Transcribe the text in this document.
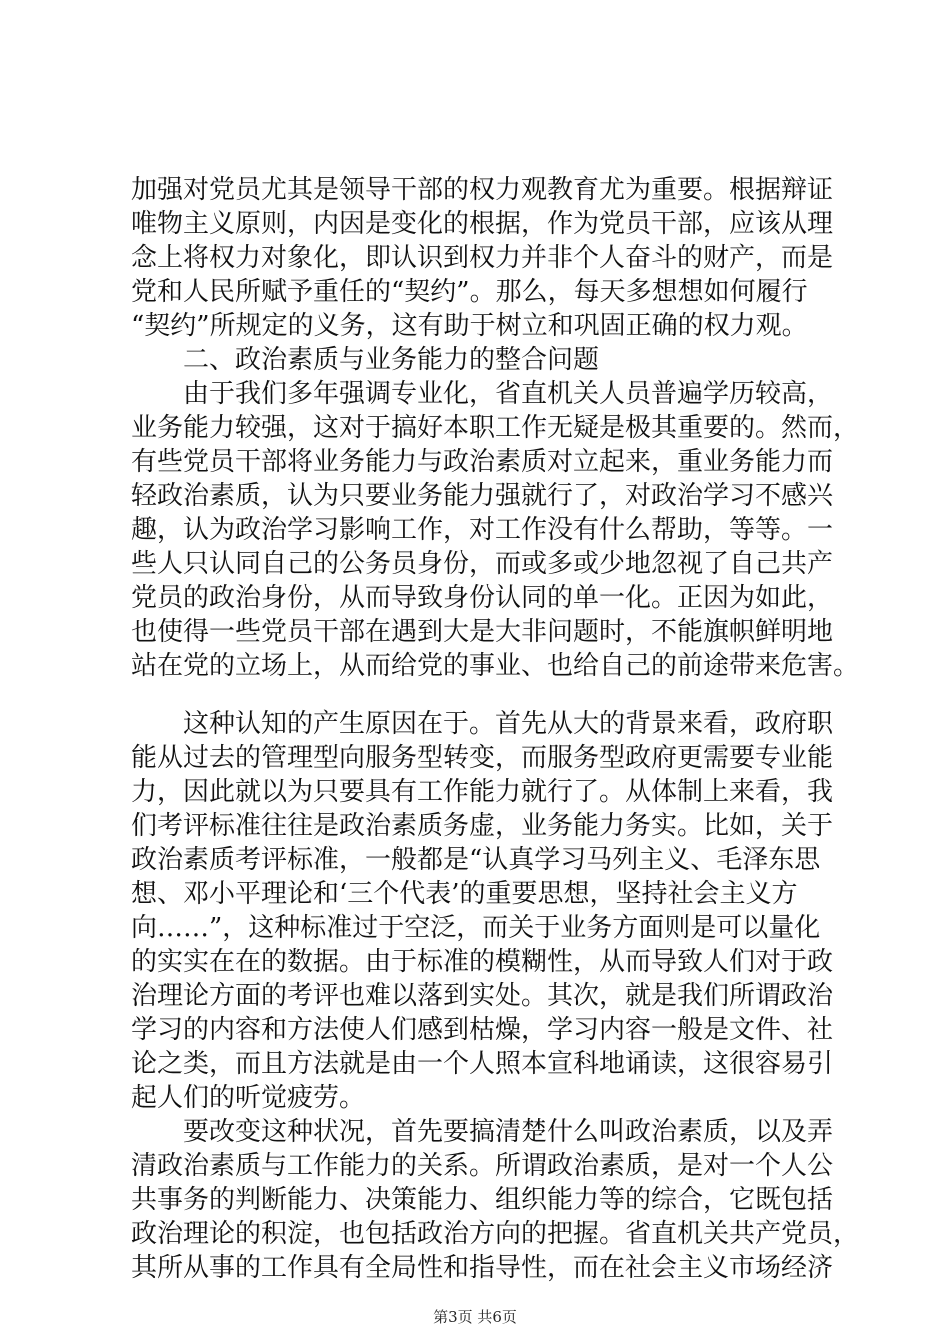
加强对党员尤其是领导干部的权力观教育尤为重要。根据辩证
唯物主义原则，内因是变化的根据，作为党员干部，应该从理
念上将权力对象化，即认识到权力并非个人奋斗的财产，而是
党和人民所赋予重任的“契约”。那么，每天多想想如何履行
“契约”所规定的义务，这有助于树立和巩固正确的权力观。
二、政治素质与业务能力的整合问题
由于我们多年强调专业化，省直机关人员普遍学历较高，
业务能力较强，这对于搞好本职工作无疑是极其重要的。然而，
有些党员干部将业务能力与政治素质对立起来，重业务能力而
轻政治素质，认为只要业务能力强就行了，对政治学习不感兴
趣，认为政治学习影响工作，对工作没有什么帮助，等等。一
些人只认同自己的公务员身份，而或多或少地忽视了自己共产
党员的政治身份，从而导致身份认同的单一化。正因为如此，
也使得一些党员干部在遇到大是大非问题时，不能旗帜鲜明地
站在党的立场上，从而给党的事业、也给自己的前途带来危害。
这种认知的产生原因在于。首先从大的背景来看，政府职
能从过去的管理型向服务型转变，而服务型政府更需要专业能
力，因此就以为只要具有工作能力就行了。从体制上来看，我
们考评标准往往是政治素质务虚，业务能力务实。比如，关于
政治素质考评标准，一般都是“认真学习马列主义、毛泽东思
想、邓小平理论和‘三个代表’的重要思想，坚持社会主义方
向……”，这种标准过于空泛，而关于业务方面则是可以量化
的实实在在的数据。由于标准的模糊性，从而导致人们对于政
治理论方面的考评也难以落到实处。其次，就是我们所谓政治
学习的内容和方法使人们感到枯燥，学习内容一般是文件、社
论之类，而且方法就是由一个人照本宣科地诵读，这很容易引
起人们的听觉疲劳。
要改变这种状况，首先要搞清楚什么叫政治素质，以及弄
清政治素质与工作能力的关系。所谓政治素质，是对一个人公
共事务的判断能力、决策能力、组织能力等的综合，它既包括
政治理论的积淀，也包括政治方向的把握。省直机关共产党员，
其所从事的工作具有全局性和指导性，而在社会主义市场经济
第3页 共6页
